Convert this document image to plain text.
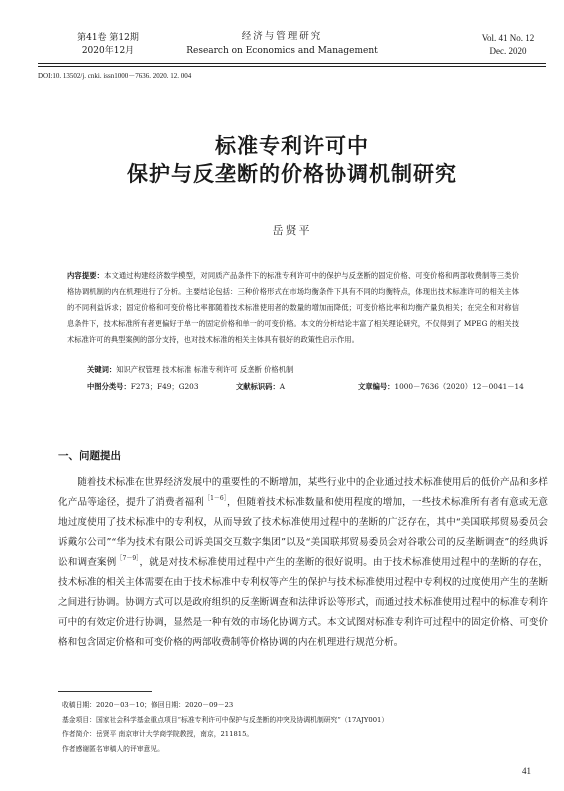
第41卷 第12期
2020年12月
经济与管理研究
Research on Economics and Management
Vol. 41 No. 12
Dec. 2020
DOI:10. 13502/j. cnki. issn1000－7636. 2020. 12. 004
标准专利许可中
保护与反垄断的价格协调机制研究
岳贤平
内容提要：本文通过构建经济数学模型，对同质产品条件下的标准专利许可中的保护与反垄断的固定价格、可变价格和两部收费制等三类价格协调机制的内在机理进行了分析。主要结论包括：三种价格形式在市场均衡条件下具有不同的均衡特点，体现出技术标准许可的相关主体的不同利益诉求；固定价格和可变价格比率都随着技术标准使用者的数量的增加而降低；可变价格比率和均衡产量负相关；在完全和对称信息条件下，技术标准所有者更偏好于单一的固定价格和单一的可变价格。本文的分析结论丰富了相关理论研究，不仅得到了 MPEG 的相关技术标准许可的典型案例的部分支持，也对技术标准的相关主体具有很好的政策性启示作用。
关键词：知识产权管理 技术标准 标准专利许可 反垄断 价格机制
中图分类号：F273；F49；G203	文献标识码：A	文章编号：1000－7636（2020）12－0041－14
一、问题提出
随着技术标准在世界经济发展中的重要性的不断增加，某些行业中的企业通过技术标准使用后的低价产品和多样化产品等途径，提升了消费者福利$^{[1-6]}$，但随着技术标准数量和使用程度的增加，一些技术标准所有者有意或无意地过度使用了技术标准中的专利权，从而导致了技术标准使用过程中的垄断的广泛存在，其中“美国联邦贸易委员会诉戴尔公司”“华为技术有限公司诉美国交互数字集团”以及“美国联邦贸易委员会对谷歌公司的反垄断调查”的经典诉讼和调查案例$^{[7-9]}$，就是对技术标准使用过程中产生的垄断的很好说明。由于技术标准使用过程中的垄断的存在，技术标准的相关主体需要在由于技术标准中专利权等产生的保护与技术标准使用过程中专利权的过度使用产生的垄断之间进行协调。协调方式可以是政府组织的反垄断调查和法律诉讼等形式，而通过技术标准使用过程中的标准专利许可中的有效定价进行协调，显然是一种有效的市场化协调方式。本文试图对标准专利许可过程中的固定价格、可变价格和包含固定价格和可变价格的两部收费制等价格协调的内在机理进行规范分析。
收稿日期：2020－03－10；修回日期：2020－09－23
基金项目：国家社会科学基金重点项目“标准专利许可中保护与反垄断的冲突及协调机制研究”（17AJY001）
作者简介：岳贤平 南京审计大学商学院教授，南京，211815。
作者感谢匿名审稿人的评审意见。
41
